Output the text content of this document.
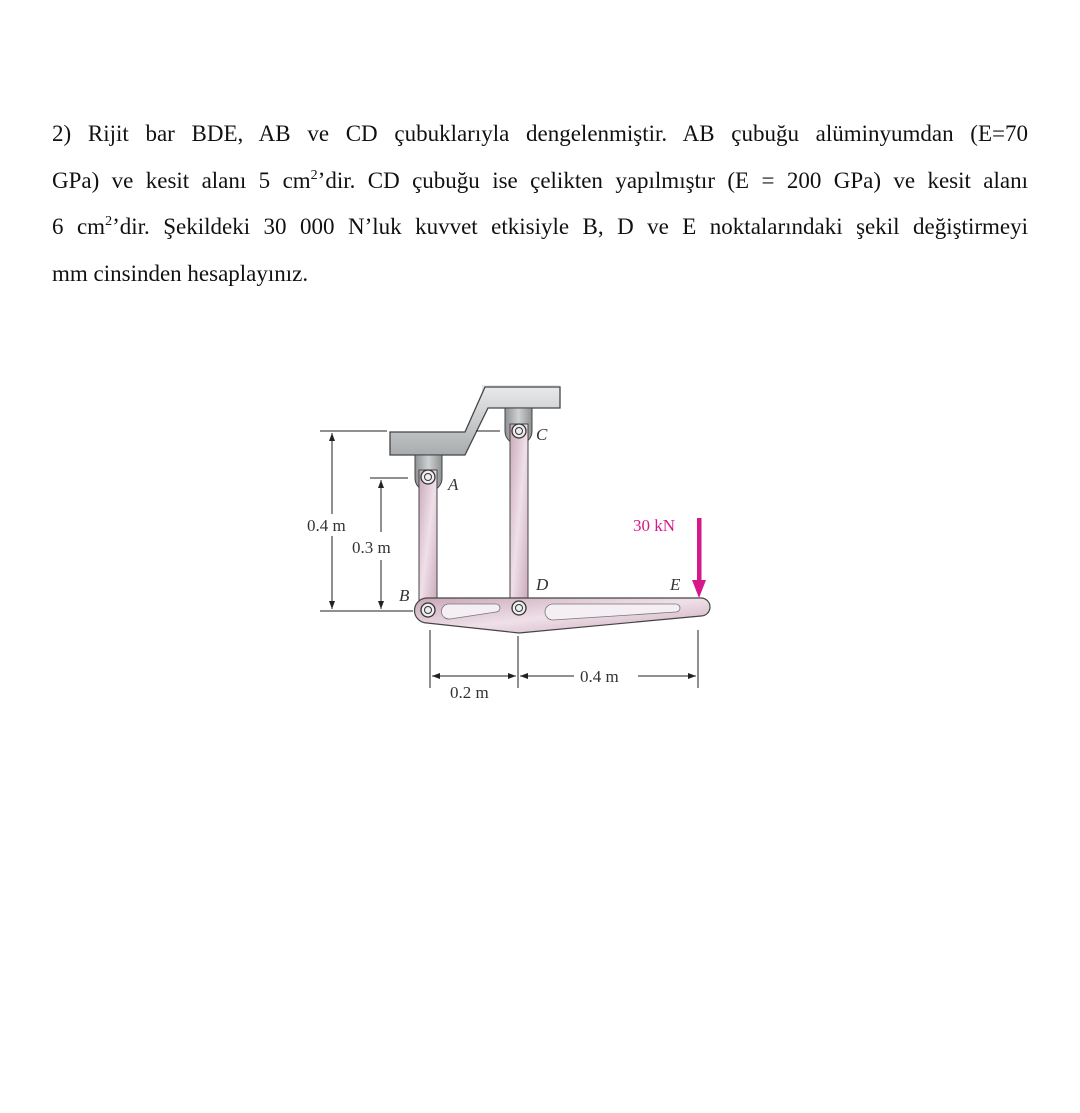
2) Rijit bar BDE, AB ve CD çubuklarıyla dengelenmiştir. AB çubuğu alüminyumdan (E=70
GPa) ve kesit alanı 5 $cm^2’dir$. CD çubuğu ise çelikten yapılmıştır (E = 200 GPa) ve kesit alanı
6 $cm^2’dir$. Şekildeki 30 000 N’luk kuvvet etkisiyle B, D ve E noktalarındaki şekil değiştirmeyi
mm cinsinden hesaplayınız.
0.4 m
0.3 m
0.2 m
0.4 m
30 kN
A
C
B
D	E
